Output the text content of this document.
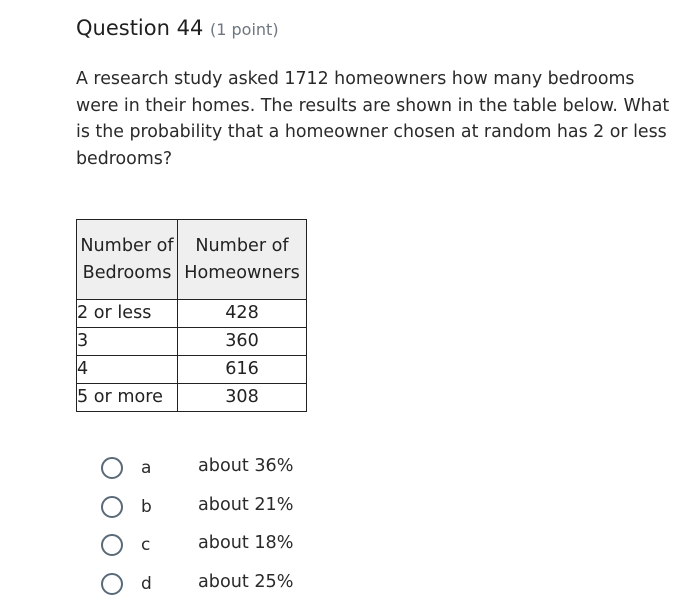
Question 44 (1 point)
A research study asked 1712 homeowners how many bedrooms were in their homes. The results are shown in the table below. What is the probability that a homeowner chosen at random has 2 or less bedrooms?
Number of Bedrooms	Number of Homeowners
2 or less	428
3	360
4	616
5 or more	308
a	about 36%
b	about 21%
c	about 18%
d	about 25%
